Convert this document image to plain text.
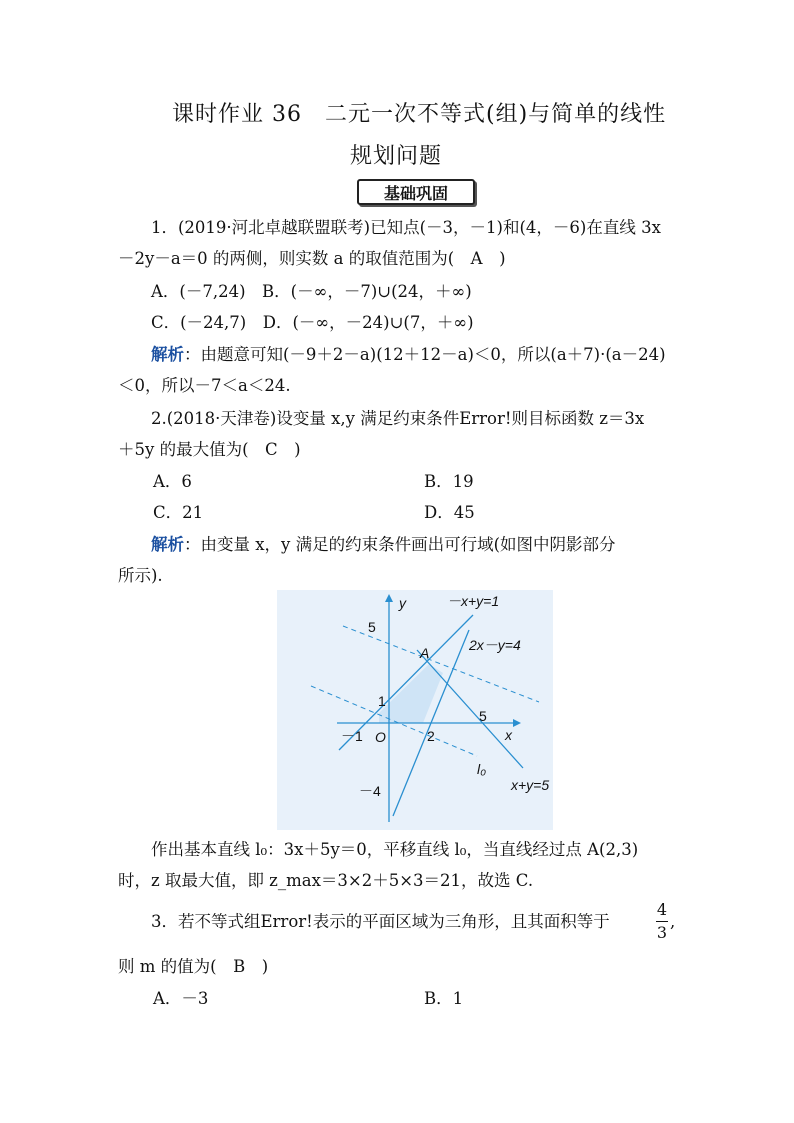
课时作业 36　二元一次不等式(组)与简单的线性
规划问题
基础巩固
1．(2019·河北卓越联盟联考)已知点(－3，－1)和(4，－6)在直线 3x
－2y－a＝0 的两侧，则实数 a 的取值范围为(　A　)
A．(－7,24)　B．(－∞，－7)∪(24，＋∞)
C．(－24,7)　D．(－∞，－24)∪(7，＋∞)
解析：由题意可知(－9＋2－a)(12＋12－a)＜0，所以(a＋7)·(a－24)
＜0，所以－7＜a＜24.
2.(2018·天津卷)设变量 x,y 满足约束条件Error!则目标函数 z＝3x
＋5y 的最大值为(　C　)
A．6	B．19
C．21	D．45
解析：由变量 x，y 满足的约束条件画出可行域(如图中阴影部分
所示).
y
x
O
5
1
－4
－1	2
5
A
－x+y=1
2x－y=4
x+y=5
l₀
作出基本直线 l₀：3x＋5y＝0，平移直线 l₀，当直线经过点 A(2,3)
时，z 取最大值，即 z_max＝3×2＋5×3＝21，故选 C.
3．若不等式组Error!表示的平面区域为三角形，且其面积等于
4
3
,
则 m 的值为(　B　)
A．－3	B．1
